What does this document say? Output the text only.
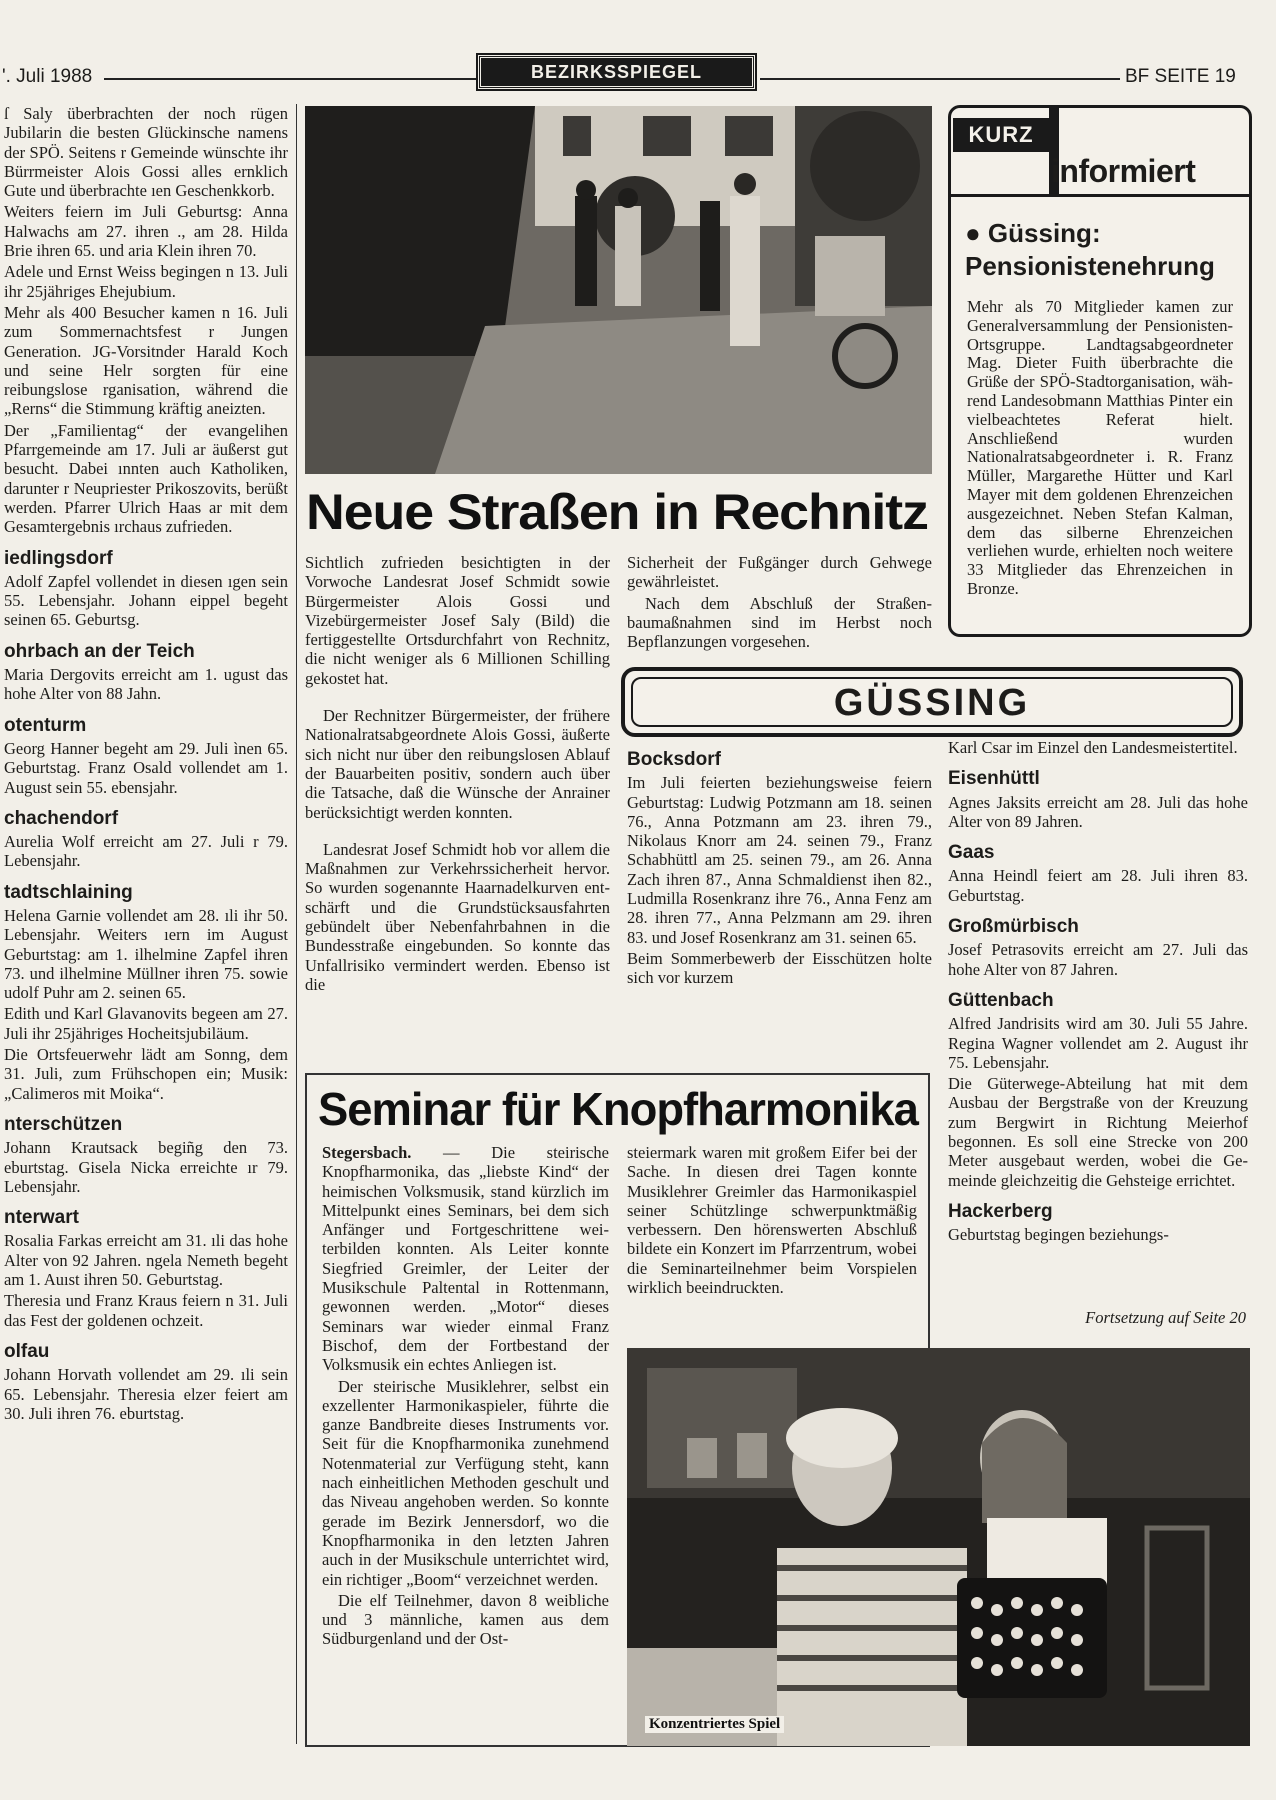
'. Juli 1988	BEZIRKSSPIEGEL	BF SEITE 19

ſ Saly überbrachten der noch rügen Jubilarin die besten Glückinsche namens der SPÖ. Seitens r Gemeinde wünschte ihr Bürrmeister Alois Gossi alles ernklich Gute und überbrachte ıen Geschenkkorb.

Weiters feiern im Juli Geburtsg: Anna Halwachs am 27. ihren ., am 28. Hilda Brie ihren 65. und aria Klein ihren 70.

Adele und Ernst Weiss begingen n 13. Juli ihr 25jähriges Ehejubium.

Mehr als 400 Besucher kamen n 16. Juli zum Sommernachtsfest r Jungen Generation. JG-Vorsitnder Harald Koch und seine Helr sorgten für eine reibungslose rganisation, während die „Rerns“ die Stimmung kräftig aneizten.

Der „Familientag“ der evangelihen Pfarrgemeinde am 17. Juli ar äußerst gut besucht. Dabei ınnten auch Katholiken, darunter r Neupriester Prikoszovits, berüßt werden. Pfarrer Ulrich Haas ar mit dem Gesamtergebnis ırchaus zufrieden.

iedlingsdorf

Adolf Zapfel vollendet in diesen ıgen sein 55. Lebensjahr. Johann eippel begeht seinen 65. Geburtsg.

ohrbach an der Teich

Maria Dergovits erreicht am 1. ugust das hohe Alter von 88 Jahn.

otenturm

Georg Hanner begeht am 29. Juli ìnen 65. Geburtstag. Franz Osald vollendet am 1. August sein 55. ebensjahr.

chachendorf

Aurelia Wolf erreicht am 27. Juli r 79. Lebensjahr.

tadtschlaining

Helena Garnie vollendet am 28. ıli ihr 50. Lebensjahr. Weiters ıern im August Geburtstag: am 1. ilhelmine Zapfel ihren 73. und ilhelmine Müllner ihren 75. sowie udolf Puhr am 2. seinen 65.

Edith und Karl Glavanovits begeen am 27. Juli ihr 25jähriges Hocheitsjubiläum.

Die Ortsfeuerwehr lädt am Sonng, dem 31. Juli, zum Frühschopen ein; Musik: „Calimeros mit Moika“.

nterschützen

Johann Krautsack begiñg den 73. eburtstag. Gisela Nicka erreichte ır 79. Lebensjahr.

nterwart

Rosalia Farkas erreicht am 31. ıli das hohe Alter von 92 Jahren. ngela Nemeth begeht am 1. Auıst ihren 50. Geburtstag.

Theresia und Franz Kraus feiern n 31. Juli das Fest der goldenen ochzeit.

olfau

Johann Horvath vollendet am 29. ıli sein 65. Lebensjahr. Theresia elzer feiert am 30. Juli ihren 76. eburtstag.

Neue Straßen in Rechnitz

Sichtlich zufrieden besichtigten in der Vorwoche Landesrat Josef Schmidt sowie Bürgermeister Alois Gossi und Vizebürgermeister Josef Saly (Bild) die fertiggestellte Ortsdurchfahrt von Rechnitz, die nicht weniger als 6 Millionen Schilling gekostet hat.

Der Rechnitzer Bürgermeister, der frühere Nationalratsabgeordnete Alois Gossi, äußerte sich nicht nur über den reibungslosen Ablauf der Bauarbeiten positiv, sondern auch über die Tatsache, daß die Wünsche der Anrainer berücksichtigt werden konnten.

Landesrat Josef Schmidt hob vor allem die Maßnahmen zur Verkehrssicherheit hervor. So wurden sogenannte Haarnadelkurven entschärft und die Grundstücksausfahrten gebündelt über Nebenfahrbahnen in die Bundesstraße eingebunden. So konnte das Unfallrisiko vermindert werden. Ebenso ist die

Sicherheit der Fußgänger durch Gehwege gewährleistet.

Nach dem Abschluß der Straßenbaumaßnahmen sind im Herbst noch Bepflanzungen vorgesehen.

KURZ
informiert
● Güssing:
Pensionistenehrung
Mehr als 70 Mitglieder kamen zur Generalversammlung der Pensionisten-Ortsgruppe. Landtagsabgeordneter Mag. Dieter Fuith überbrachte die Grüße der SPÖ-Stadtorganisation, während Landesobmann Matthias Pinter ein vielbeachtetes Referat hielt. Anschließend wurden Nationalratsabgeordneter i. R. Franz Müller, Margarethe Hütter und Karl Mayer mit dem goldenen Ehrenzeichen ausgezeichnet. Neben Stefan Kalman, dem das silberne Ehrenzeichen verliehen wurde, erhielten noch weitere 33 Mitglieder das Ehrenzeichen in Bronze.
GÜSSING
Bocksdorf

Im Juli feierten beziehungsweise feiern Geburtstag: Ludwig Potzmann am 18. seinen 76., Anna Potzmann am 23. ihren 79., Nikolaus Knorr am 24. seinen 79., Franz Schabhüttl am 25. seinen 79., am 26. Anna Zach ihren 87., Anna Schmaldienst ihen 82., Ludmilla Rosenkranz ihre 76., Anna Fenz am 28. ihren 77., Anna Pelzmann am 29. ihren 83. und Josef Rosenkranz am 31. seinen 65.

Beim Sommerbewerb der Eisschützen holte sich vor kurzem

Karl Csar im Einzel den Landesmeistertitel.

Eisenhüttl

Agnes Jaksits erreicht am 28. Juli das hohe Alter von 89 Jahren.

Gaas

Anna Heindl feiert am 28. Juli ihren 83. Geburtstag.

Großmürbisch

Josef Petrasovits erreicht am 27. Juli das hohe Alter von 87 Jahren.

Güttenbach

Alfred Jandrisits wird am 30. Juli 55 Jahre. Regina Wagner vollendet am 2. August ihr 75. Lebensjahr.

Die Güterwege-Abteilung hat mit dem Ausbau der Bergstraße von der Kreuzung zum Bergwirt in Richtung Meierhof begonnen. Es soll eine Strecke von 200 Meter ausgebaut werden, wobei die Gemeinde gleichzeitig die Gehsteige errichtet.

Hackerberg

Geburtstag begingen beziehungs-

Fortsetzung auf Seite 20
Seminar für Knopfharmonika

Stegersbach. — Die steirische Knopfharmonika, das „liebste Kind“ der heimischen Volksmusik, stand kürzlich im Mittelpunkt eines Seminars, bei dem sich Anfänger und Fortgeschrittene weiterbilden konnten. Als Leiter konnte Siegfried Greimler, der Leiter der Musikschule Paltental in Rottenmann, gewonnen werden. „Motor“ dieses Seminars war wieder einmal Franz Bischof, dem der Fortbestand der Volksmusik ein echtes Anliegen ist.

Der steirische Musiklehrer, selbst ein exzellenter Harmonikaspieler, führte die ganze Bandbreite dieses Instruments vor. Seit für die Knopfharmonika zunehmend Notenmaterial zur Verfügung steht, kann nach einheitlichen Methoden geschult und das Niveau angehoben werden. So konnte gerade im Bezirk Jennersdorf, wo die Knopfharmonika in den letzten Jahren auch in der Musikschule unterrichtet wird, ein richtiger „Boom“ verzeichnet werden.

Die elf Teilnehmer, davon 8 weibliche und 3 männliche, kamen aus dem Südburgenland und der Ost-

steiermark waren mit großem Eifer bei der Sache. In diesen drei Tagen konnte Musiklehrer Greimler das Harmonikaspiel seiner Schützlinge schwerpunktmäßig verbessern. Den hörenswerten Abschluß bildete ein Konzert im Pfarrzentrum, wobei die Seminarteilnehmer beim Vorspielen wirklich beeindruckten.

Konzentriertes Spiel
